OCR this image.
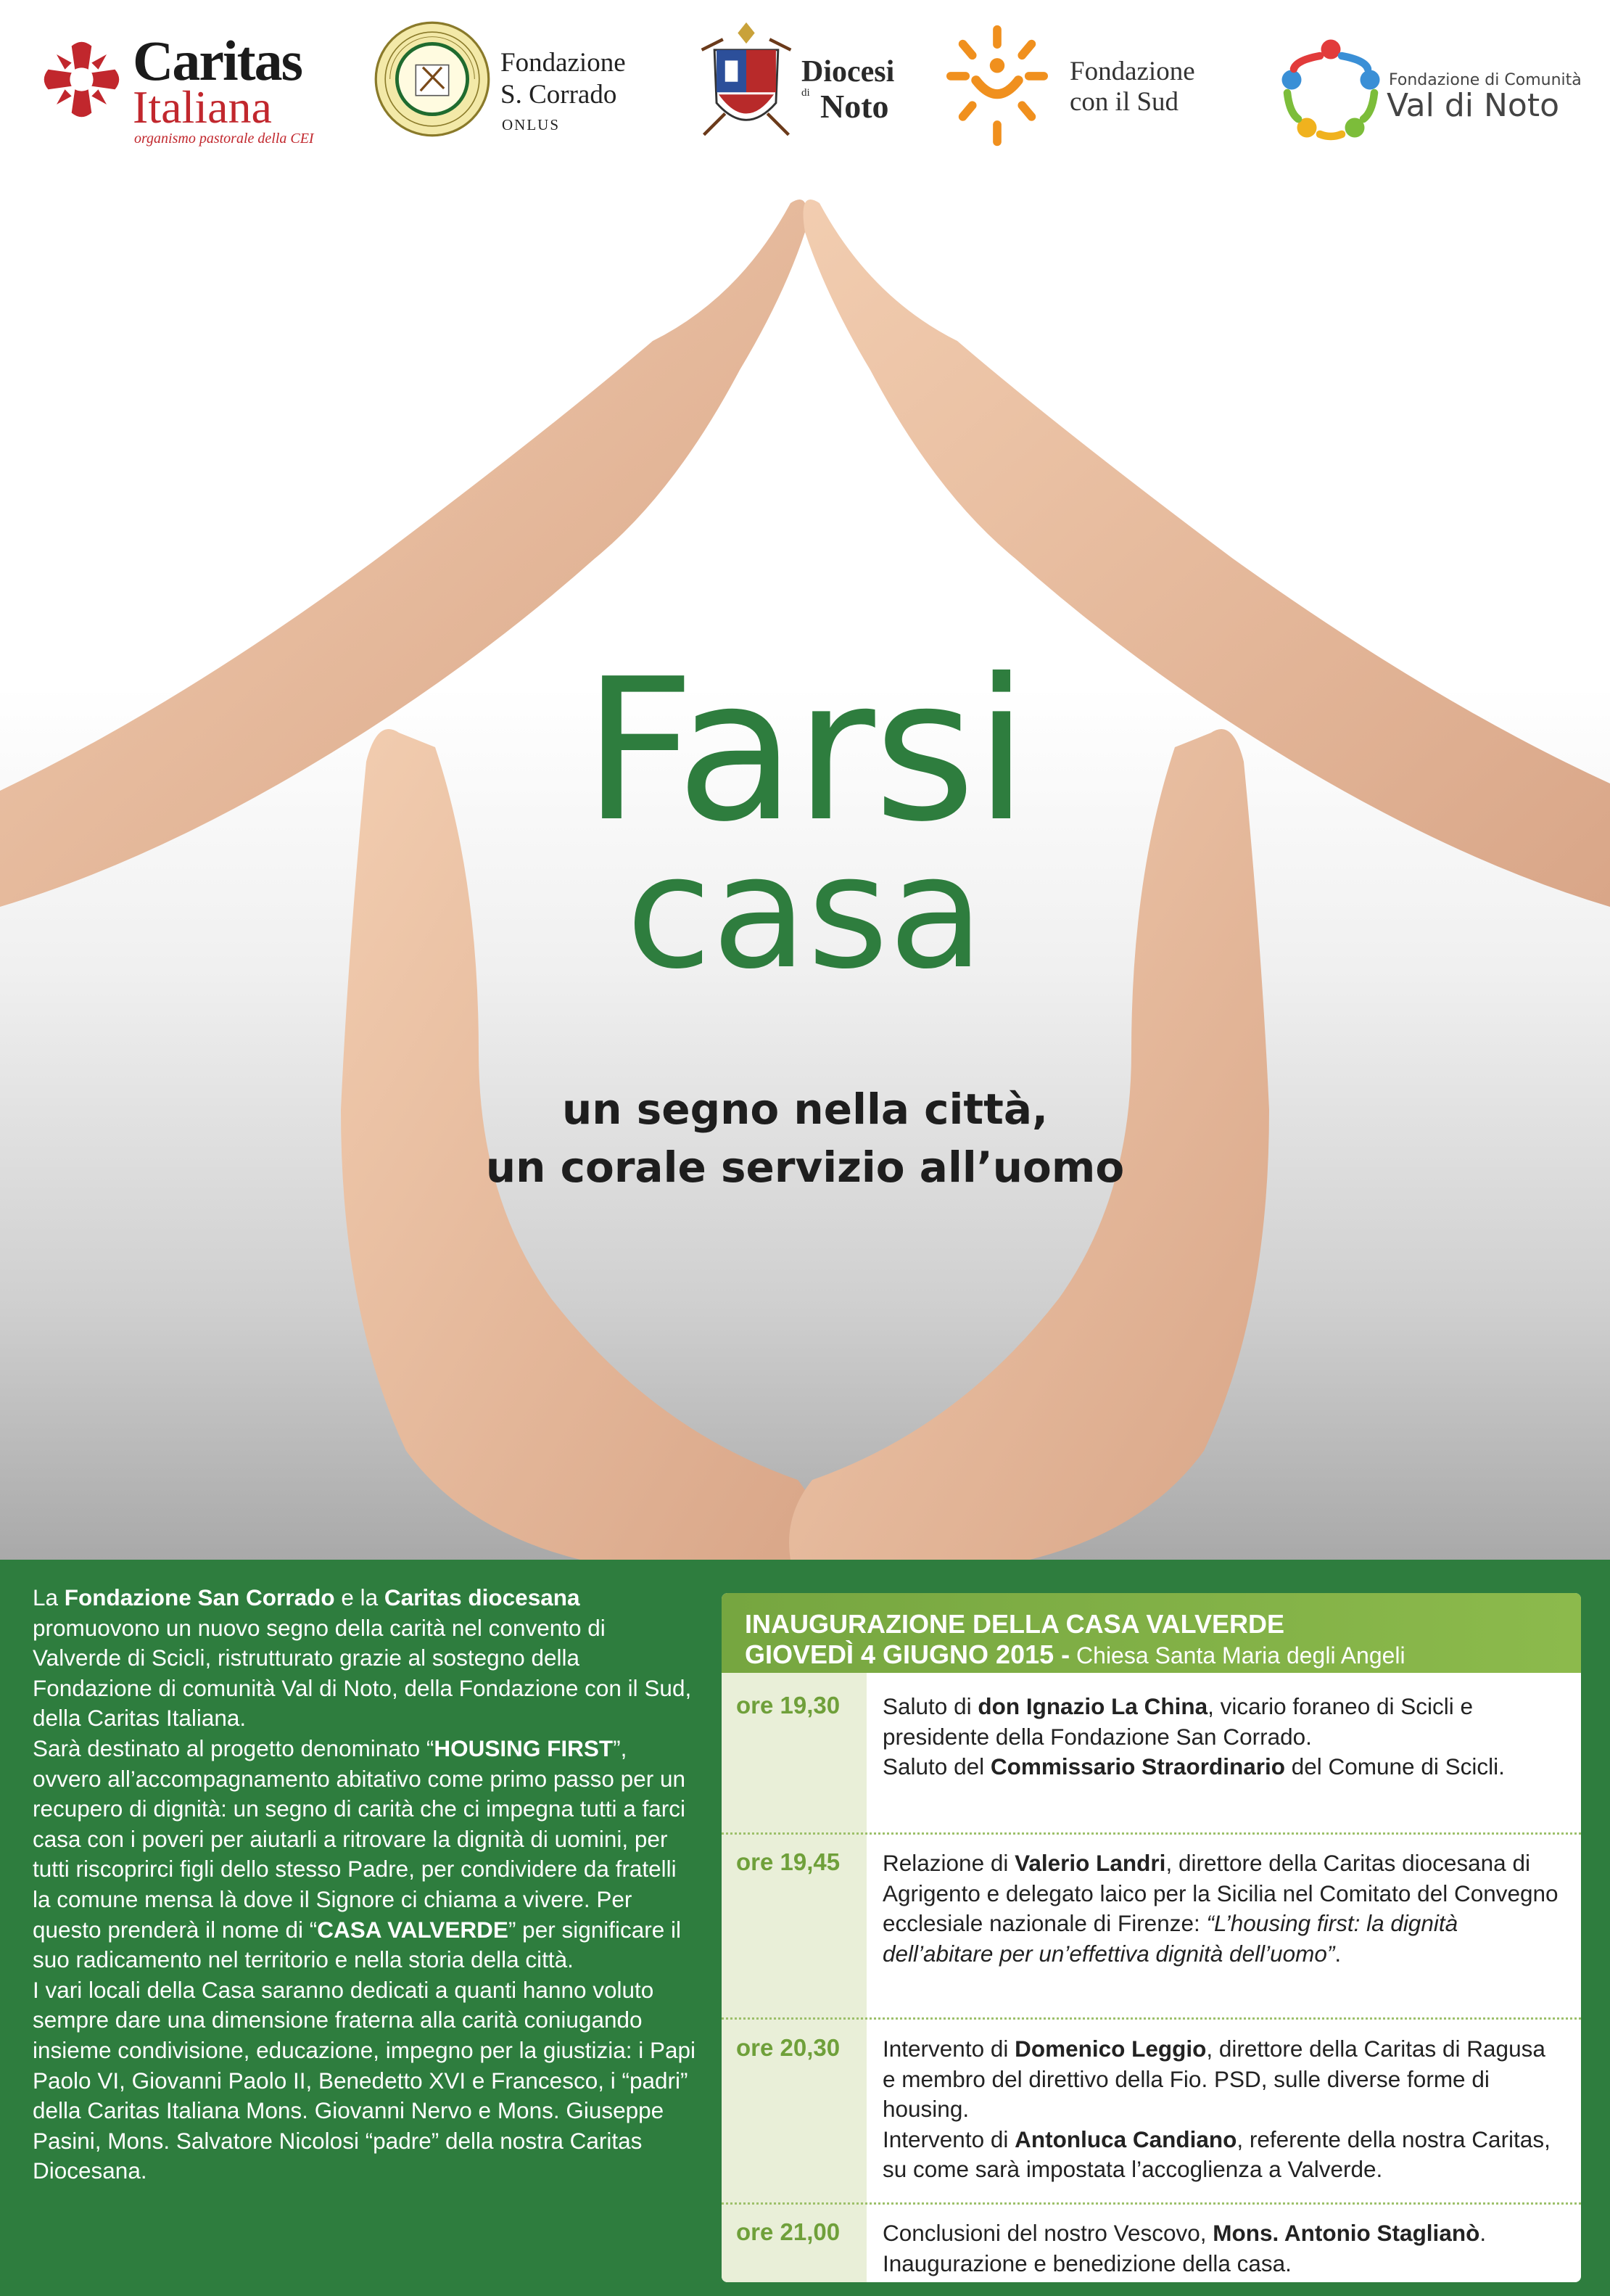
Caritas
Italiana
organismo pastorale della CEI
Fondazione
S. Corrado
ONLUS
Diocesi
di Noto
Fondazione
con il Sud
Fondazione di Comunità
Val di Noto
Farsi
casa
un segno nella città,
un corale servizio all’uomo

La Fondazione San Corrado e la Caritas diocesana promuovono un nuovo segno della carità nel convento di Valverde di Scicli, ristrutturato grazie al sostegno della Fondazione di comunità Val di Noto, della Fondazione con il Sud, della Caritas Italiana.

Sarà destinato al progetto denominato “HOUSING FIRST”, ovvero all’accompagnamento abitativo come primo passo per un recupero di dignità: un segno di carità che ci impegna tutti a farci casa con i poveri per aiutarli a ritrovare la dignità di uomini, per tutti riscoprirci figli dello stesso Padre, per condividere da fratelli la comune mensa là dove il Signore ci chiama a vivere. Per questo prenderà il nome di “CASA VALVERDE” per significare il suo radicamento nel territorio e nella storia della città.

I vari locali della Casa saranno dedicati a quanti hanno voluto sempre dare una dimensione fraterna alla carità coniugando insieme condivisione, educazione, impegno per la giustizia: i Papi Paolo VI, Giovanni Paolo II, Benedetto XVI e Francesco, i “padri” della Caritas Italiana Mons. Giovanni Nervo e Mons. Giuseppe Pasini, Mons. Salvatore Nicolosi “padre” della nostra Caritas Diocesana.

INAUGURAZIONE DELLA CASA VALVERDE
GIOVEDÌ 4 GIUGNO 2015 - Chiesa Santa Maria degli Angeli
ore 19,30 Saluto di don Ignazio La China, vicario foraneo di Scicli e presidente della Fondazione San Corrado.

Saluto del Commissario Straordinario del Comune di Scicli.

ore 19,45 Relazione di Valerio Landri, direttore della Caritas diocesana di Agrigento e delegato laico per la Sicilia nel Comitato del Convegno ecclesiale nazionale di Firenze: “L’housing first: la dignità dell’abitare per un’effettiva dignità dell’uomo”.

ore 20,30 Intervento di Domenico Leggio, direttore della Caritas di Ragusa e membro del direttivo della Fio. PSD, sulle diverse forme di housing.

Intervento di Antonluca Candiano, referente della nostra Caritas, su come sarà impostata l’accoglienza a Valverde.

ore 21,00 Conclusioni del nostro Vescovo, Mons. Antonio Staglianò.

Inaugurazione e benedizione della casa.
